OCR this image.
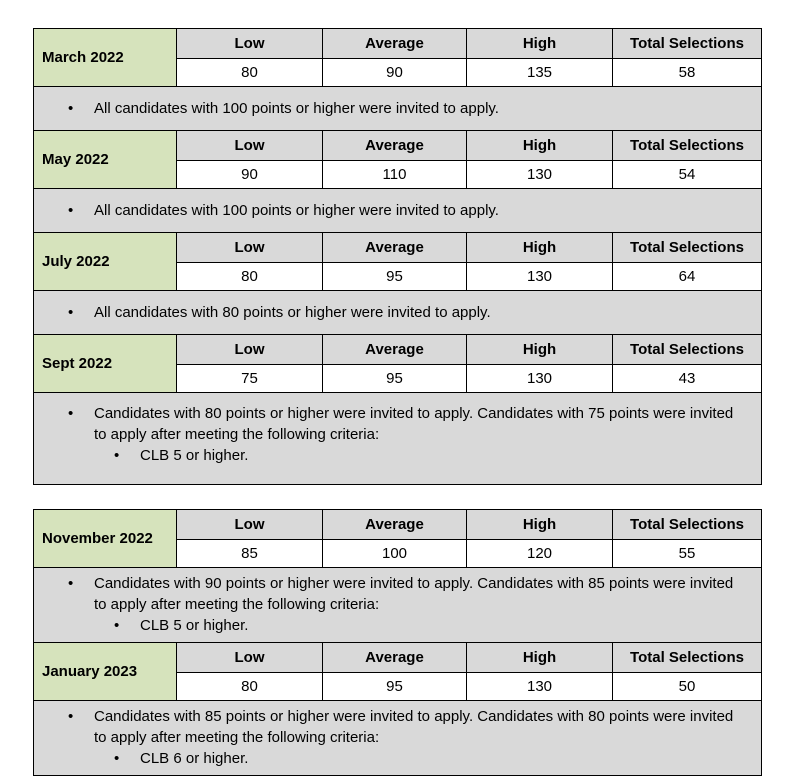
March 2022	Low	Average	High	Total Selections
	80	90	135	58

• All candidates with 100 points or higher were invited to apply.				

May 2022	Low	Average	High	Total Selections
	90	110	130	54

• All candidates with 100 points or higher were invited to apply.				

July 2022	Low	Average	High	Total Selections
	80	95	130	64

• All candidates with 80 points or higher were invited to apply.				

Sept 2022	Low	Average	High	Total Selections
	75	95	130	43

• Candidates with 80 points or higher were invited to apply. Candidates with 75 points were invited to apply after meeting the following criteria:
• CLB 5 or higher.				
November 2022	Low	Average	High	Total Selections
	85	100	120	55

• Candidates with 90 points or higher were invited to apply. Candidates with 85 points were invited to apply after meeting the following criteria:
• CLB 5 or higher.				

January 2023	Low	Average	High	Total Selections
	80	95	130	50

• Candidates with 85 points or higher were invited to apply. Candidates with 80 points were invited to apply after meeting the following criteria:
• CLB 6 or higher.				
